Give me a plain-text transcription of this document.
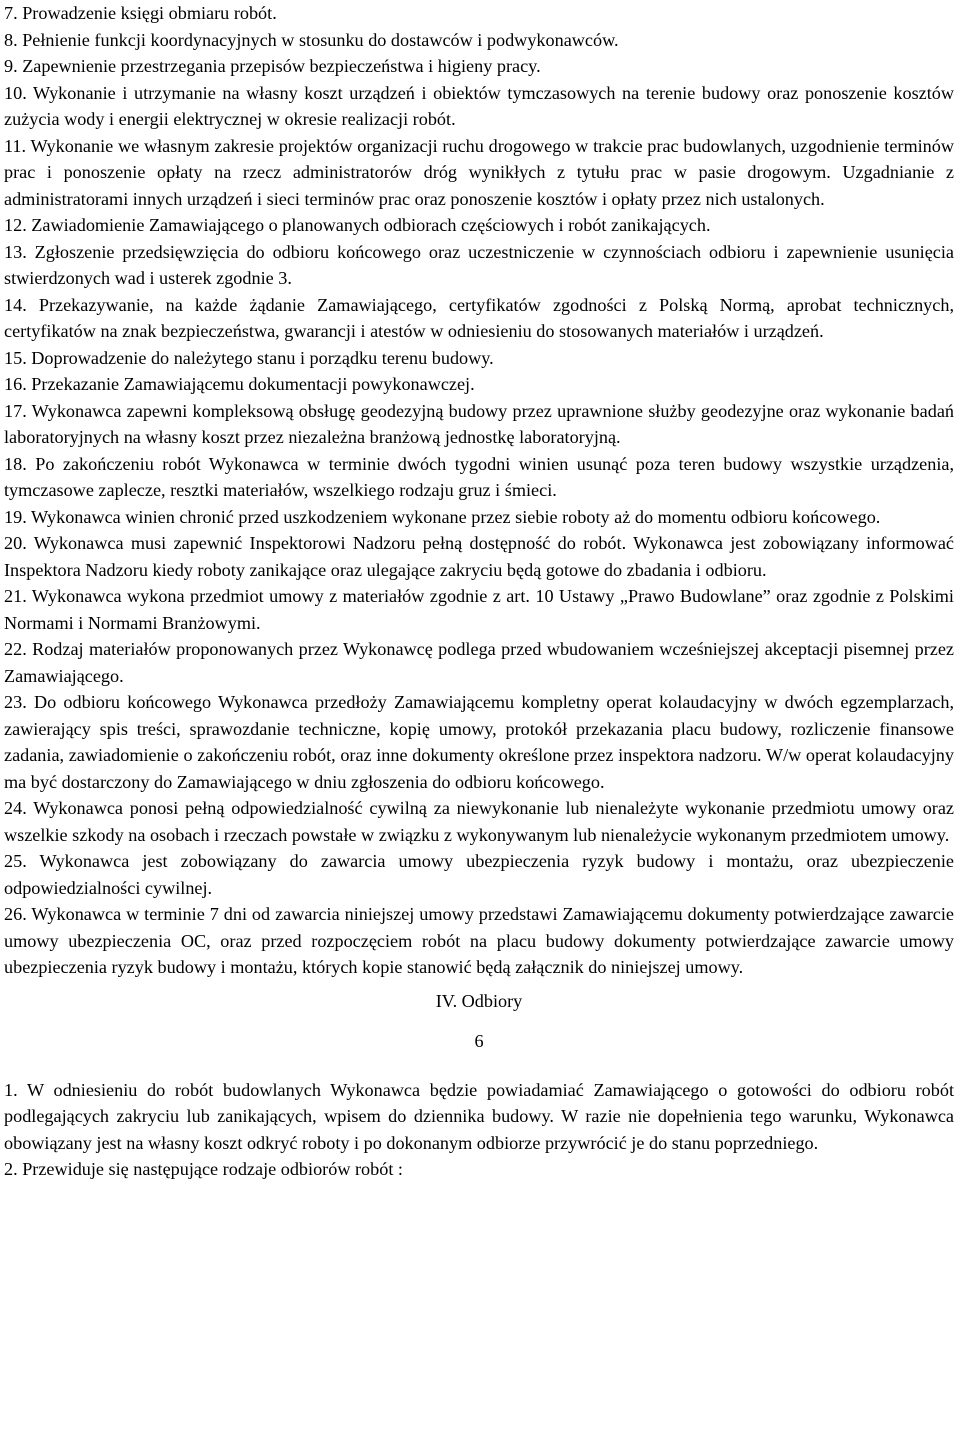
7. Prowadzenie księgi obmiaru robót.

8. Pełnienie funkcji koordynacyjnych w stosunku do dostawców i podwykonawców.

9. Zapewnienie przestrzegania przepisów bezpieczeństwa i higieny pracy.

10. Wykonanie i utrzymanie na własny koszt urządzeń i obiektów tymczasowych na terenie budowy oraz ponoszenie kosztów zużycia wody i energii elektrycznej w okresie realizacji robót.

11. Wykonanie we własnym zakresie projektów organizacji ruchu drogowego w trakcie prac budowlanych, uzgodnienie terminów prac i ponoszenie opłaty na rzecz administratorów dróg wynikłych z tytułu prac w pasie drogowym. Uzgadnianie z administratorami innych urządzeń i sieci terminów prac oraz ponoszenie kosztów i opłaty przez nich ustalonych.

12. Zawiadomienie Zamawiającego o planowanych odbiorach częściowych i robót zanikających.

13. Zgłoszenie przedsięwzięcia do odbioru końcowego oraz uczestniczenie w czynnościach odbioru i zapewnienie usunięcia stwierdzonych wad i usterek zgodnie 3.

14. Przekazywanie, na każde żądanie Zamawiającego, certyfikatów zgodności z Polską Normą, aprobat technicznych, certyfikatów na znak bezpieczeństwa, gwarancji i atestów w odniesieniu do stosowanych materiałów i urządzeń.

15. Doprowadzenie do należytego stanu i porządku terenu budowy.

16. Przekazanie Zamawiającemu dokumentacji powykonawczej.

17. Wykonawca zapewni kompleksową obsługę geodezyjną budowy przez uprawnione służby geodezyjne oraz wykonanie badań laboratoryjnych na własny koszt przez niezależna branżową jednostkę laboratoryjną.

18. Po zakończeniu robót Wykonawca w terminie dwóch tygodni winien usunąć poza teren budowy wszystkie urządzenia, tymczasowe zaplecze, resztki materiałów, wszelkiego rodzaju gruz i śmieci.

19. Wykonawca winien chronić przed uszkodzeniem wykonane przez siebie roboty aż do momentu odbioru końcowego.

20. Wykonawca musi zapewnić Inspektorowi Nadzoru pełną dostępność do robót. Wykonawca jest zobowiązany informować Inspektora Nadzoru kiedy roboty zanikające oraz ulegające zakryciu będą gotowe do zbadania i odbioru.

21. Wykonawca wykona przedmiot umowy z materiałów zgodnie z art. 10 Ustawy „Prawo Budowlane” oraz zgodnie z Polskimi Normami i Normami Branżowymi.

22. Rodzaj materiałów proponowanych przez Wykonawcę podlega przed wbudowaniem wcześniejszej akceptacji pisemnej przez Zamawiającego.

23. Do odbioru końcowego Wykonawca przedłoży Zamawiającemu kompletny operat kolaudacyjny w dwóch egzemplarzach, zawierający spis treści, sprawozdanie techniczne, kopię umowy, protokół przekazania placu budowy, rozliczenie finansowe zadania, zawiadomienie o zakończeniu robót, oraz inne dokumenty określone przez inspektora nadzoru. W/w operat kolaudacyjny ma być dostarczony do Zamawiającego w dniu zgłoszenia do odbioru końcowego.

24. Wykonawca ponosi pełną odpowiedzialność cywilną za niewykonanie lub nienależyte wykonanie przedmiotu umowy oraz wszelkie szkody na osobach i rzeczach powstałe w związku z wykonywanym lub nienależycie wykonanym przedmiotem umowy.

25. Wykonawca jest zobowiązany do zawarcia umowy ubezpieczenia ryzyk budowy i montażu, oraz ubezpieczenie odpowiedzialności cywilnej.

26. Wykonawca w terminie 7 dni od zawarcia niniejszej umowy przedstawi Zamawiającemu dokumenty potwierdzające zawarcie umowy ubezpieczenia OC, oraz przed rozpoczęciem robót na placu budowy dokumenty potwierdzające zawarcie umowy ubezpieczenia ryzyk budowy i montażu, których kopie stanowić będą załącznik do niniejszej umowy.

IV. Odbiory

6

1. W odniesieniu do robót budowlanych Wykonawca będzie powiadamiać Zamawiającego o gotowości do odbioru robót podlegających zakryciu lub zanikających, wpisem do dziennika budowy. W razie nie dopełnienia tego warunku, Wykonawca obowiązany jest na własny koszt odkryć roboty i po dokonanym odbiorze przywrócić je do stanu poprzedniego.

2. Przewiduje się następujące rodzaje odbiorów robót :
